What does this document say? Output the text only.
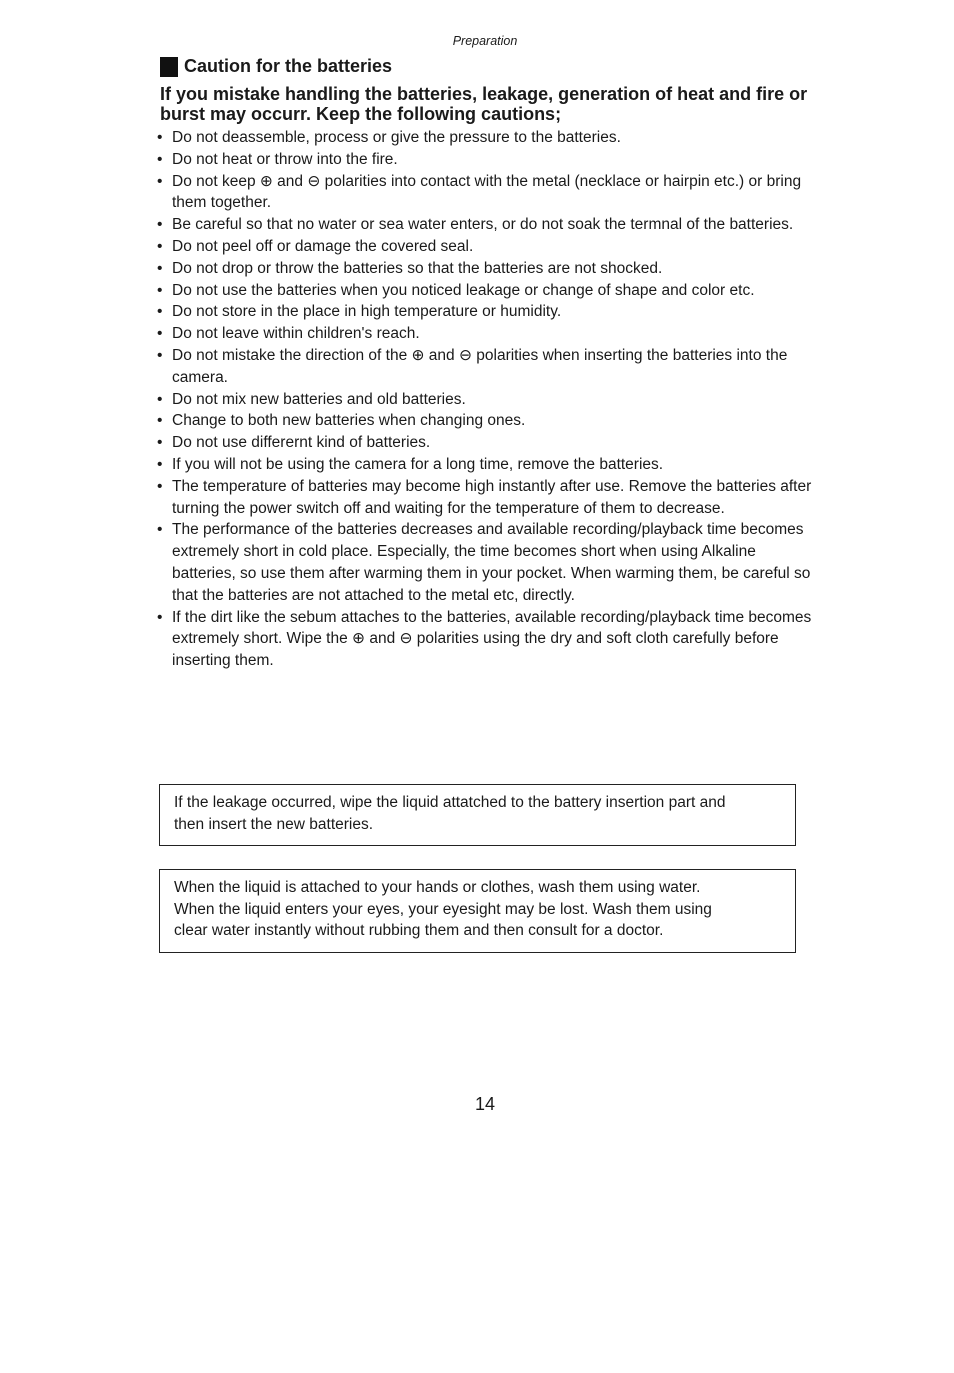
Preparation
Caution for the batteries
If you mistake handling the batteries, leakage, generation of heat and fire or burst may occurr. Keep the following cautions;
• Do not deassemble, process or give the pressure to the batteries.
• Do not heat or throw into the fire.
• Do not keep ⊕ and ⊖ polarities into contact with the metal (necklace or hairpin etc.) or bring them together.
• Be careful so that no water or sea water enters, or do not soak the termnal of the batteries.
• Do not peel off or damage the covered seal.
• Do not drop or throw the batteries so that the batteries are not shocked.
• Do not use the batteries when you noticed leakage or change of shape and color etc.
• Do not store in the place in high temperature or humidity.
• Do not leave within children's reach.
• Do not mistake the direction of the ⊕ and ⊖ polarities when inserting the batteries into the camera.
• Do not mix new batteries and old batteries.
• Change to both new batteries when changing ones.
• Do not use differernt kind of batteries.
• If you will not be using the camera for a long time, remove the batteries.
• The temperature of batteries may become high instantly after use. Remove the batteries after turning the power switch off and waiting for the temperature of them to decrease.
• The performance of the batteries decreases and available recording/playback time becomes extremely short in cold place. Especially, the time becomes short when using Alkaline batteries, so use them after warming them in your pocket. When warming them, be careful so that the batteries are not attached to the metal etc, directly.
• If the dirt like the sebum attaches to the batteries, available recording/playback time becomes extremely short. Wipe the ⊕ and ⊖ polarities using the dry and soft cloth carefully before inserting them.
If the leakage occurred, wipe the liquid attatched to the battery insertion part and
then insert the new batteries.
When the liquid is attached to your hands or clothes, wash them using water.
When the liquid enters your eyes, your eyesight may be lost. Wash them using
clear water instantly without rubbing them and then consult for a doctor.
14
